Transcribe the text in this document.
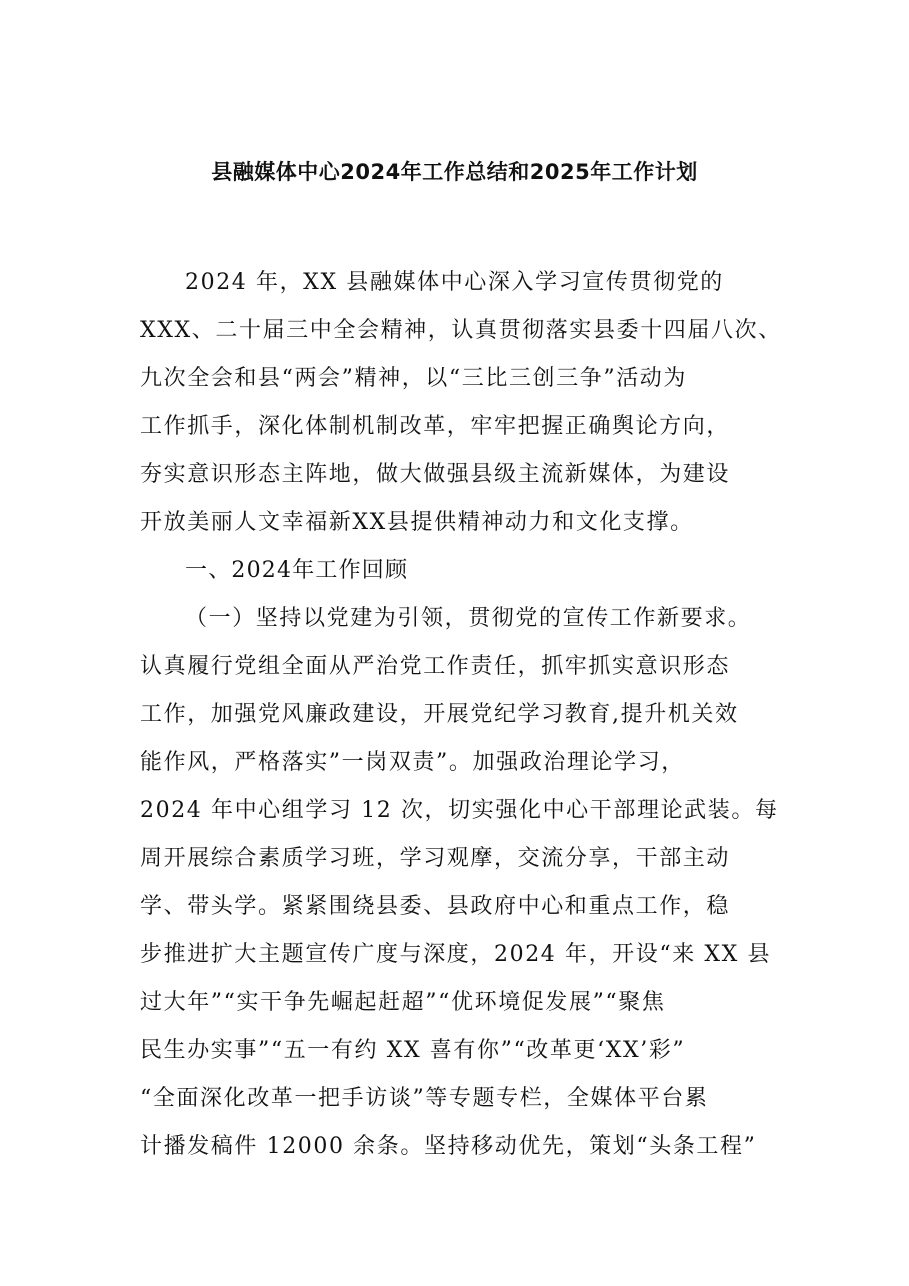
县融媒体中心2024年工作总结和2025年工作计划
2024 年，XX 县融媒体中心深入学习宣传贯彻党的
XXX、二十届三中全会精神，认真贯彻落实县委十四届八次、
九次全会和县“两会”精神，以“三比三创三争”活动为
工作抓手，深化体制机制改革，牢牢把握正确舆论方向，
夯实意识形态主阵地，做大做强县级主流新媒体，为建设
开放美丽人文幸福新XX县提供精神动力和文化支撑。
一、2024年工作回顾
（一）坚持以党建为引领，贯彻党的宣传工作新要求。
认真履行党组全面从严治党工作责任，抓牢抓实意识形态
工作，加强党风廉政建设，开展党纪学习教育,提升机关效
能作风，严格落实”一岗双责”。加强政治理论学习，
2024 年中心组学习 12 次，切实强化中心干部理论武装。每
周开展综合素质学习班，学习观摩，交流分享，干部主动
学、带头学。紧紧围绕县委、县政府中心和重点工作，稳
步推进扩大主题宣传广度与深度，2024 年，开设“来 XX 县
过大年”“实干争先崛起赶超”“优环境促发展”“聚焦
民生办实事”“五一有约 XX 喜有你”“改革更‘XX’彩”
“全面深化改革一把手访谈”等专题专栏，全媒体平台累
计播发稿件 12000 余条。坚持移动优先，策划“头条工程”
